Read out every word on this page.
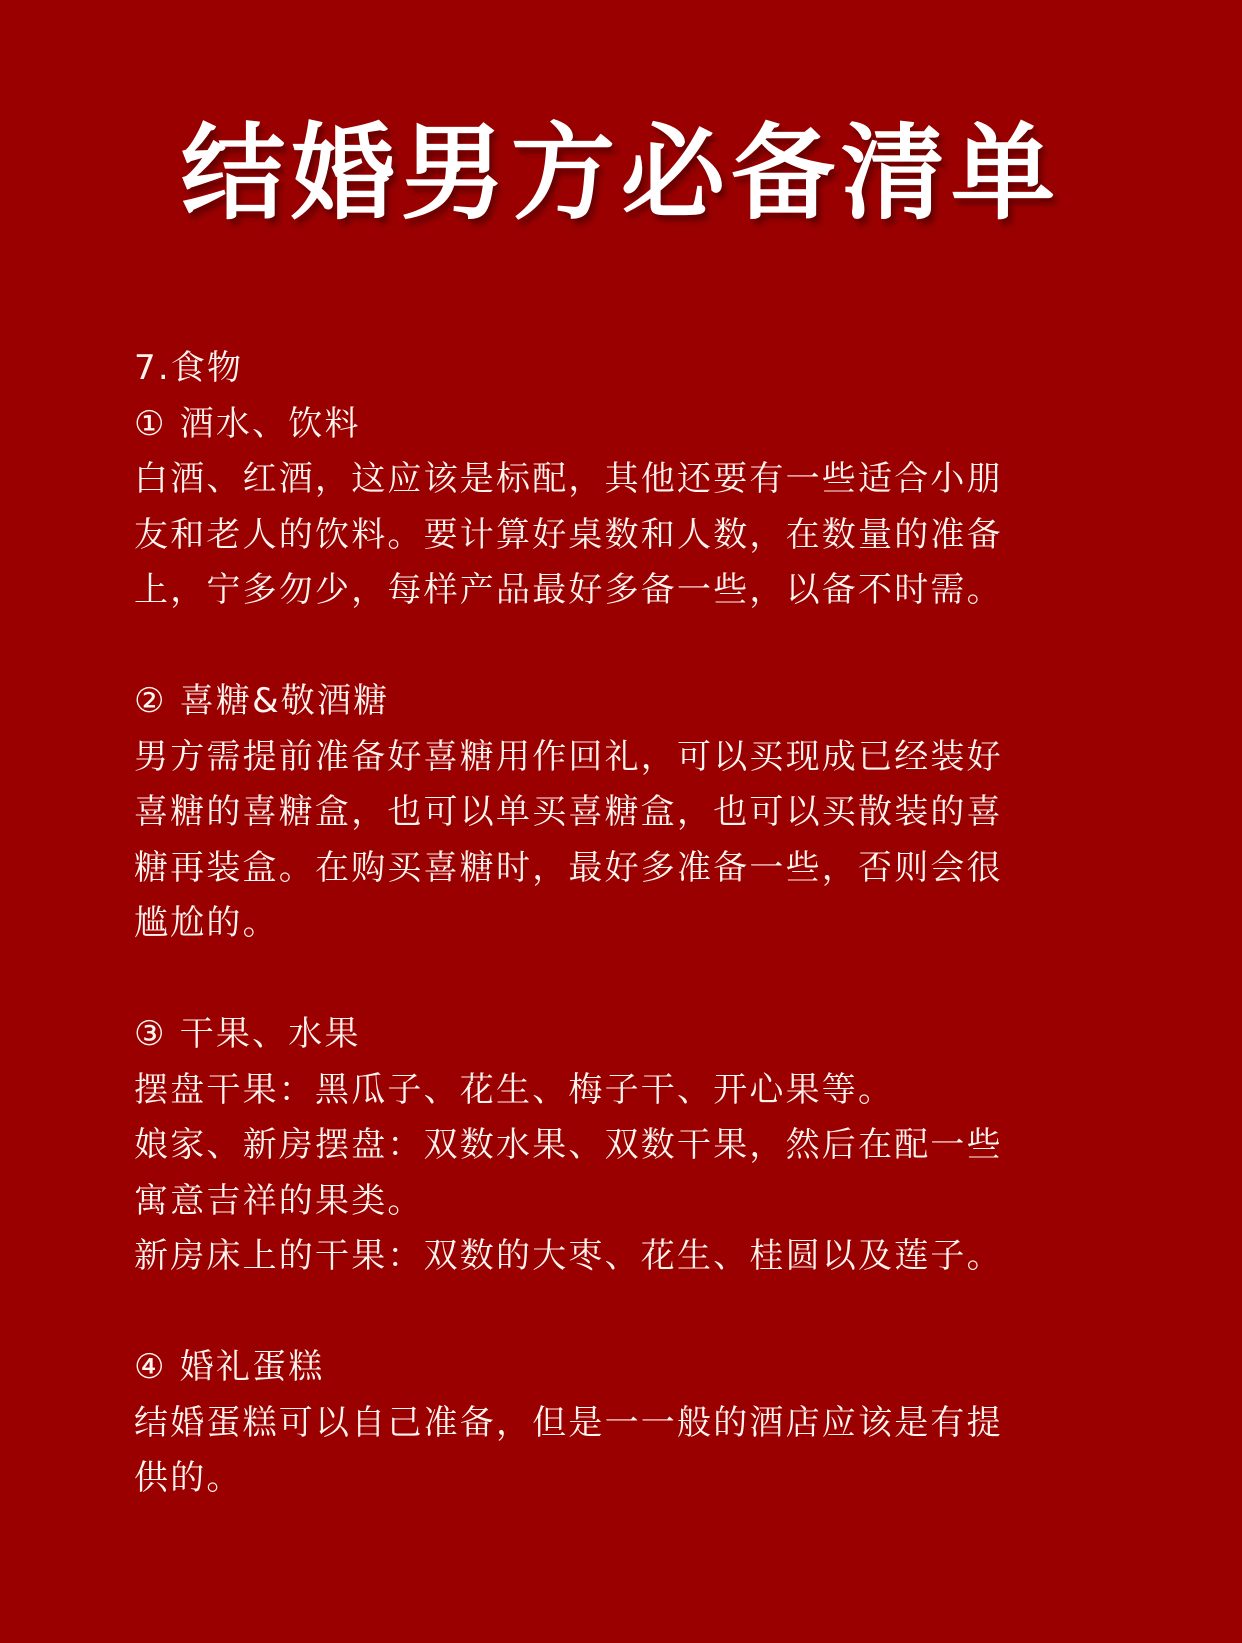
结婚男方必备清单
7.食物
① 酒水、饮料
白酒、红酒，这应该是标配，其他还要有一些适合小朋
友和老人的饮料。要计算好桌数和人数，在数量的准备
上，宁多勿少，每样产品最好多备一些，以备不时需。
② 喜糖&敬酒糖
男方需提前准备好喜糖用作回礼，可以买现成已经装好
喜糖的喜糖盒，也可以单买喜糖盒，也可以买散装的喜
糖再装盒。在购买喜糖时，最好多准备一些，否则会很
尴尬的。
③ 干果、水果
摆盘干果：黑瓜子、花生、梅子干、开心果等。
娘家、新房摆盘：双数水果、双数干果，然后在配一些
寓意吉祥的果类。
新房床上的干果：双数的大枣、花生、桂圆以及莲子。
④ 婚礼蛋糕
结婚蛋糕可以自己准备，但是一一般的酒店应该是有提
供的。
